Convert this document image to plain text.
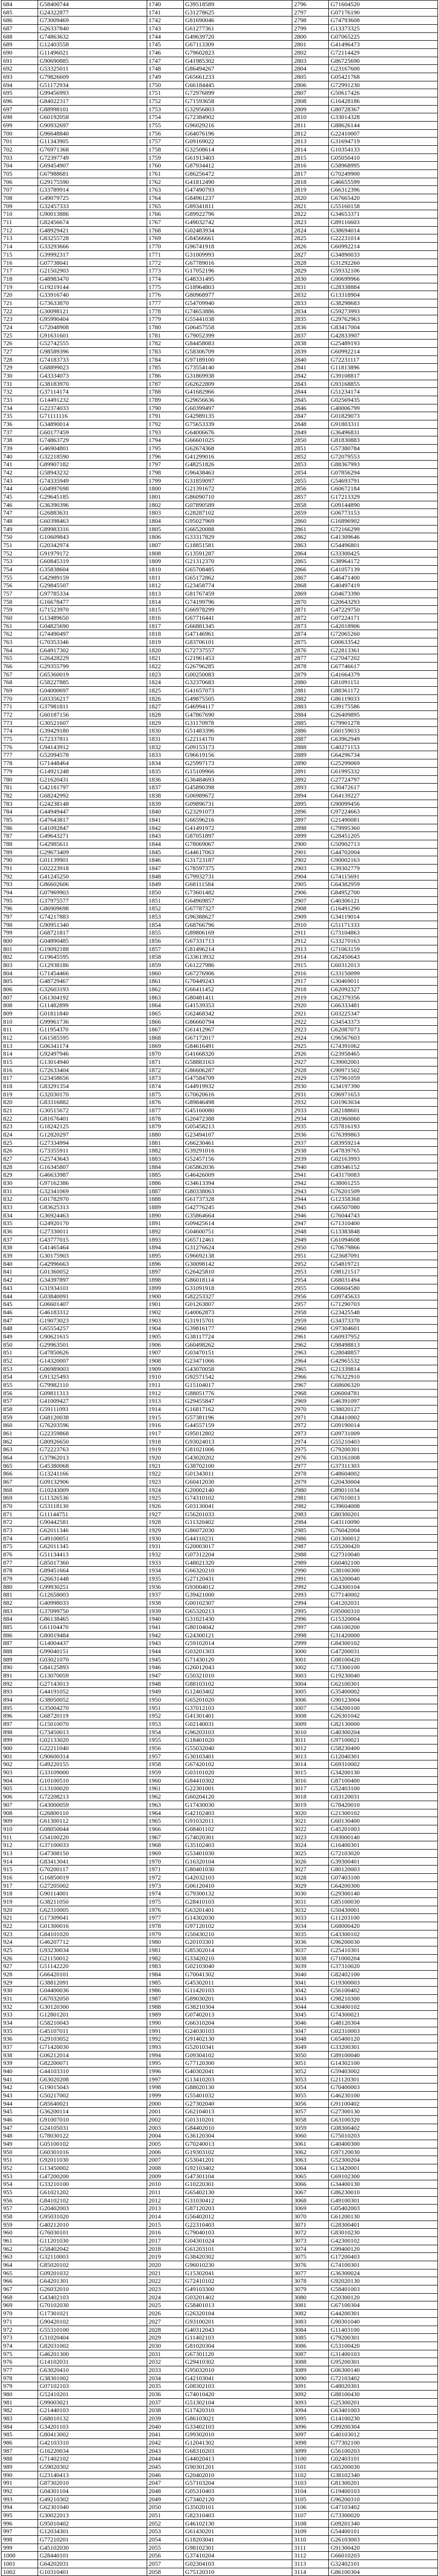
684
685
686
687
688
689
690
691
692
693
694
695
696
697
698
699
700
701
702
703
704
705
706
707
708
709
710
711
712
713
714
715
716
717
718
719
720
721
722
723
724
725
726
727
728
729
730
731
732
733
734
735
736
737
738
739
740
741
742
743
744
745
746
747
748
749
750
751
752
753
754
755
756
757
758
759
760
761
762
763
764
765
766
767
768
769
770
771
772
773
774
775
776
777
778
779
780
781
782
783
784
785
786
787
788
789
790
791
792
793
794
795
796
797
798
799
800
801
802
803
804
805
806
807
808
809
810
811
812
813
814
815
816
817
818
819
820
821
822
823
824
825
826
827
828
829
830
831
832
833
834
835
836
837
838
839
840
841
842
843
844
845
846
847
848
849
850
851
852
853
854
855
856
857
858
859
860
861
862
863
864
865
866
867
868
869
870
871
872
873
874
875
876
877
878
879
880
881
882
883
884
885
886
887
888
889
890
891
892
893
894
895
896
897
898
899
900
901
902
903
904
905
906
907
908
909
910
911
912
913
914
915
916
917
918
919
920
921
922
923
924
925
926
927
928
929
930
931
932
933
934
935
936
937
938
939
940
941
942
943
944
945
946
947
948
949
950
951
952
953
954
955
956
957
958
959
960
961
962
963
964
965
966
967
968
969
970
971
972
973
974
975
976
977
978
979
980
981
982
983
984
985
986
987
988
989
990
991
992
993
994
995
996
997
998
999
1000
1001
1002
G58400744
G24322877
G73009469
G26337840
G74863632
G12403558
G11496021
G90690885
G53325011
G79826609
G51172934
G99456993
G84022317
G88998101
G60192058
G90932697
G96648840
G11343905
G76971368
G72397749
G69454907
G67988681
G29175590
G33789914
G49079725
G32457333
G90013886
G82456674
G48929421
G83255728
G33293666
G39992317
G07738041
G21502903
G48983470
G19219144
G33916740
G73633870
G30098121
G95990404
G72048908
G91631601
G52742555
G98589396
G74183733
G68899023
G43334073
G38183970
G37114174
G14491232
G22374033
G71111116
G34890014
G60177459
G74863729
G46904801
G32218590
G89907182
G58943232
G74335949
G04997698
G29645185
G36390396
G26883631
G60398463
G89983316
G10609843
G20342974
G91979172
G60845319
G35838604
G42989159
G29845507
G97785334
G16678477
G71523970
G13489650
G04825690
G74490497
G70353346
G64917302
G26428229
G29355799
G65360019
G58227885
G04000697
G03356217
G37981811
G60187156
G30521607
G39429180
G72337811
G94143912
G52094578
G71448464
G14921248
G21620431
G42181797
G68242992
G24238148
G44949447
G47643817
G41092847
G49643271
G42985611
G29673409
G01139901
G02223918
G41245250
G86602606
G07969903
G37975577
G86909698
G74217883
G90951340
G68721817
G04890485
G19092188
G19645595
G12938186
G71454466
G48729467
G32603193
G61304192
G11482899
G01811840
G99961736
G11954370
G61585595
G06341174
G92497946
G13014940
G72633404
G23458656
G83291354
G32030170
G83316882
G30515672
G81676401
G18242125
G12820297
G27334994
G73355911
G25743643
G16345807
G46633987
G97162386
G32341069
G01782970
G83625313
G36924463
G24920170
G27330011
G43777015
G41465464
G30175903
G42996663
G01360052
G34397897
G31934101
G03840091
G06601407
G46183312
G19073023
G65554257
G90621615
G29963501
G47850626
G14320007
G06989003
G91325493
G79982110
G09811313
G41009427
G59111093
G68120038
G76203596
G22359868
G80926650
G72223763
G37962013
G45380068
G13241166
G09132906
G10243009
G11326536
G53118130
G11144751
G90442581
G62011346
G49100051
G62011345
G51134413
G85017360
G89451664
G26631448
G99930251
G12658003
G40998033
G37099750
G86138465
G61104470
G80019484
G14004437
G99040151
G03021070
G84125893
G13070059
G27143013
G44191052
G38050052
G35004270
G68720119
G15010070
G73450013
G02133020
G22211040
G90600314
G49220155
G33109000
G10100510
G13100020
G72208213
G43000059
G26800110
G61300112
G08050044
G54100220
G37100033
G47308150
G83413041
G70200117
G16850019
G27205002
G90114001
G38211050
G62310005
G17309041
G01300016
G84101020
G46207712
G93230034
G21150012
G51142220
G66420101
G38812091
G04400036
G67032050
G30120300
G12801201
G58210043
G45107011
G29103052
G71420030
G06212014
G82200071
G44103310
G63020208
G19015043
G50217002
G85640021
G36200114
G91007010
G24105031
G78030122
G05100102
G60301016
G92011030
G13450002
G47200200
G33210100
G61021202
G84102102
G20402003
G95031020
G40212010
G76030101
G11201030
G58402042
G32110003
G85020102
G09201032
G64201301
G26032010
G43402103
G70102030
G17301021
G90420102
G55310100
G31020404
G82031002
G46201300
G14102031
G63020410
G38301002
G07102103
G52410201
G99003021
G21440103
G68010132
G34201103
G80413002
G42103310
G16220034
G71402102
G59020302
G23140413
G87302010
G04301104
G49210302
G62301040
G30022013
G95010402
G12034301
G77210201
G45102030
G28440101
G64202031
G10310401
1740
1741
1742
1743
1744
1745
1746
1747
1748
1749
1750
1751
1752
1753
1754
1755
1756
1757
1758
1759
1760
1761
1762
1763
1764
1765
1766
1767
1768
1769
1770
1771
1772
1773
1774
1775
1776
1777
1778
1779
1780
1781
1782
1783
1784
1785
1786
1787
1788
1789
1790
1791
1792
1793
1794
1795
1796
1797
1798
1799
1800
1801
1802
1803
1804
1805
1806
1807
1808
1809
1810
1811
1812
1813
1814
1815
1816
1817
1818
1819
1820
1821
1822
1823
1824
1825
1826
1827
1828
1829
1830
1831
1832
1833
1834
1835
1836
1837
1838
1839
1840
1841
1842
1843
1844
1845
1846
1847
1848
1849
1850
1851
1852
1853
1854
1855
1856
1857
1858
1859
1860
1861
1862
1863
1864
1865
1866
1867
1868
1869
1870
1871
1872
1873
1874
1875
1876
1877
1878
1879
1880
1881
1882
1883
1884
1885
1886
1887
1888
1889
1890
1891
1892
1893
1894
1895
1896
1897
1898
1899
1900
1901
1902
1903
1904
1905
1906
1907
1908
1909
1910
1911
1912
1913
1914
1915
1916
1917
1918
1919
1920
1921
1922
1923
1924
1925
1926
1927
1928
1929
1930
1931
1932
1933
1934
1935
1936
1937
1938
1939
1940
1941
1942
1943
1944
1945
1946
1947
1948
1949
1950
1951
1952
1953
1954
1955
1956
1957
1958
1959
1960
1961
1962
1963
1964
1965
1966
1967
1968
1969
1970
1971
1972
1973
1974
1975
1976
1977
1978
1979
1980
1981
1982
1983
1984
1985
1986
1987
1988
1989
1990
1991
1992
1993
1994
1995
1996
1997
1998
1999
2000
2001
2002
2003
2004
2005
2006
2007
2008
2009
2010
2011
2012
2013
2014
2015
2016
2017
2018
2019
2020
2021
2022
2023
2024
2025
2026
2027
2028
2029
2030
2031
2032
2033
2034
2035
2036
2037
2038
2039
2040
2041
2042
2043
2044
2045
2046
2047
2048
2049
2050
2051
2052
2053
2054
2055
2056
2057
2058
G39518589
G31278625
G81690046
G61277361
G49639720
G67113309
G79602823
G41985302
G86494267
G65661233
G66184445
G72976899
G71593658
G32956803
G72384902
G96029216
G64076196
G09169022
G32508614
G61913403
G87934412
G86256472
G41812490
G47490793
G84961237
G89341811
G89922796
G49032742
G02483934
G84566661
G96741918
G31009993
G67789016
G17052196
G48331495
G18964803
G80968977
G54709940
G74653886
G55441038
G06457558
G79052399
G84458083
G58306709
G97189100
G73554140
G31869938
G62622809
G41682966
G29656636
G60399497
G42989135
G75653339
G64006676
G66601025
G62674368
G41299016
G48251826
G96438463
G31859097
G21391672
G86090710
G07890589
G28287102
G95027969
G66520088
G33317829
G18851581
G13591287
G21312370
G65708485
G65172862
G23458774
G81767459
G74199796
G66978299
G67716441
G66881345
G47146961
G83706101
G72737557
G21961453
G26796285
G00250083
G32370683
G41657073
G49875505
G46994117
G47867690
G31170978
G51483396
G22114170
G09153173
G96619156
G25997173
G15109966
G36484693
G45890398
G06989672
G09896731
G23291073
G66596216
G41491972
G87051897
G78069067
G44617063
G31723187
G78597375
G79932731
G68111584
G73601482
G64969857
G67787327
G96388627
G68766796
G89806169
G67331713
G81496214
G33613932
G61227986
G67276906
G70449243
G66411452
G80481411
G41539353
G62468342
G86660794
G61412967
G67172017
G84616491
G41668320
G58883163
G86606287
G47584709
G44919932
G70620616
G89846498
G45160080
G20472388
G05458213
G23494107
G66230461
G39291016
G52457156
G65862036
G46426009
G34613394
G80338063
G61737328
G42776245
G35864664
G09425614
G04600751
G65712461
G31276624
G96692138
G30098142
G26425810
G86018114
G31091918
G82253327
G01263807
G40062873
G31915701
G39816177
G38117724
G60498262
G03470151
G23471066
G43070058
G92571542
G15104017
G88051776
G29455847
G16817162
G57381196
G44557159
G95012802
G93024013
G81021006
G43020202
G38702100
G01343011
G60412030
G20002140
G74310102
G03130041
G56201033
G11320402
G86072030
G44110231
G20003017
G07312204
G48021320
G66320210
G27120431
G93004012
G39421000
G00102307
G65320213
G31021430
G80104042
G24300121
G59102014
G03201303
G71430120
G26012043
G50321010
G88103102
G12403402
G65201020
G37012103
G41301401
G02140031
G96203103
G18401020
G55032040
G30103401
G67420102
G03101020
G84410302
G22301001
G60204120
G17430030
G42102403
G91032011
G08401102
G74020301
G35102403
G53401030
G16320104
G80401030
G42032103
G06120410
G79300132
G28410103
G63201401
G14302030
G97120102
G50430210
G20103301
G85302014
G33420210
G02103040
G70041302
G45302011
G11420103
G89030201
G38210304
G07402013
G66310204
G24030103
G91402130
G52010341
G09304102
G77120300
G40302041
G13410203
G88020130
G55401032
G27302040
G62104013
G01310201
G84402010
G36120304
G70240013
G19303102
G53041201
G92103402
G47301104
G10220301
G65402130
G31030412
G87120203
G56402012
G22310403
G79040103
G04301024
G61203101
G38420302
G96010230
G15302041
G72410102
G49103300
G03201402
G58401013
G26320104
G93100201
G40312043
G11402103
G81020304
G67301120
G29410302
G95032010
G42103041
G08302103
G74010420
G51302104
G17420310
G86103021
G33402103
G99302010
G12041302
G68310203
G44020413
G90301201
G20402010
G57103204
G05310403
G73402120
G35020101
G82310403
G46102130
G61430201
G18203041
G98102301
G37410204
G02304103
G75120310
2796
2797
2798
2799
2800
2801
2802
2803
2804
2805
2806
2807
2808
2809
2810
2811
2812
2813
2814
2815
2816
2817
2818
2819
2820
2821
2822
2823
2824
2825
2826
2827
2828
2829
2830
2831
2832
2833
2834
2835
2836
2837
2838
2839
2840
2841
2842
2843
2844
2845
2846
2847
2848
2849
2850
2851
2852
2853
2854
2855
2856
2857
2858
2859
2860
2861
2862
2863
2864
2865
2866
2867
2868
2869
2870
2871
2872
2873
2874
2875
2876
2877
2878
2879
2880
2881
2882
2883
2884
2885
2886
2887
2888
2889
2890
2891
2892
2893
2894
2895
2896
2897
2898
2899
2900
2901
2902
2903
2904
2905
2906
2907
2908
2909
2910
2911
2912
2913
2914
2915
2916
2917
2918
2919
2920
2921
2922
2923
2924
2925
2926
2927
2928
2929
2930
2931
2932
2933
2934
2935
2936
2937
2938
2939
2940
2941
2942
2943
2944
2945
2946
2947
2948
2949
2950
2951
2952
2953
2954
2955
2956
2957
2958
2959
2960
2961
2962
2963
2964
2965
2966
2967
2968
2969
2970
2971
2972
2973
2974
2975
2976
2977
2978
2979
2980
2981
2982
2983
2984
2985
2986
2987
2988
2989
2990
2991
2992
2993
2994
2995
2996
2997
2998
2999
3000
3001
3002
3003
3004
3005
3006
3007
3008
3009
3010
3011
3012
3013
3014
3015
3016
3017
3018
3019
3020
3021
3022
3023
3024
3025
3026
3027
3028
3029
3030
3031
3032
3033
3034
3035
3036
3037
3038
3039
3040
3041
3042
3043
3044
3045
3046
3047
3048
3049
3050
3051
3052
3053
3054
3055
3056
3057
3058
3059
3060
3061
3062
3063
3064
3065
3066
3067
3068
3069
3070
3071
3072
3073
3074
3075
3076
3077
3078
3079
3080
3081
3082
3083
3084
3085
3086
3087
3088
3089
3090
3091
3092
3093
3094
3095
3096
3097
3098
3099
3100
3101
3102
3103
3104
3105
3106
3107
3108
3109
3110
3111
3112
3113
3114
G71604520
G07176190
G74793608
G13373325
G07065225
G41496473
G72114429
G86725690
G23167600
G05421768
G72991230
G50617426
G16428186
G80728367
G33014328
G88626144
G22410007
G31694719
G10354133
G05050410
G58968995
G70249900
G46655599
G66312396
G67665420
G55160158
G34653371
G89116603
G38694014
G22231014
G60992214
G34890033
G31292260
G59332106
G90699966
G28338884
G13318904
G38298683
G59273993
G29762963
G83417004
G42833907
G25489193
G60992214
G72231117
G11813896
G39108817
G93168855
G51234174
G02569435
G40006799
G01829073
G91803311
G36496831
G81830883
G57380784
G72079553
G88367993
G07856294
G54693791
G60672184
G17213329
G09144890
G06773153
G16896902
G72166299
G41309646
G54496801
G33300425
G38964172
G41057139
G46471400
G40497419
G04673390
G20643293
G47229750
G07224171
G42018906
G72065260
G00633542
G22813361
G27047202
G67746617
G41664379
G81091151
G88361172
G86119033
G39175586
G26409895
G79901278
G60159033
G63962949
G40271153
G64296734
G25299069
G61995332
G27724797
G30472617
G64139227
G90099456
G97224663
G21490081
G79995360
G28451205
G50902713
G44702004
G90002163
G39302779
G74115691
G64382959
G84952700
G40306121
G16491290
G34119014
G51171333
G73104863
G33270163
G71063159
G62450643
G60312013
G33150099
G30469011
G62092327
G62379356
G66333481
G03225347
G34543373
G62087073
G96567603
G74391062
G23958465
G39002001
G90971502
G57961059
G34197390
G96971653
G01963034
G82188601
G81960060
G57816193
G76399863
G83959214
G47839765
G02163993
G89346152
G43170083
G38001255
G76201509
G12358368
G66507080
G76044743
G71310400
G13383848
G61094608
G70679866
G23687091
G54819721
G98121517
G68031494
G06604580
G09745633
G71290703
G23425548
G34373370
G97304601
G60937952
G98498813
G28048857
G42965532
G21339814
G76322910
G68606320
G06004781
G46391097
G38020127
G84410002
G09190014
G09731009
G55210403
G79200301
G03161008
G37311303
G48604002
G20430004
G89011034
G67010013
G39604008
G80300201
G43110090
G76042004
G01300012
G55200420
G27310040
G60402100
G38100300
G63200040
G24300104
G77140002
G41202031
G95000310
G15320004
G66100200
G31420000
G84300102
G47200031
G08100420
G73300100
G19230040
G62100301
G35400002
G90123004
G54200100
G26301042
G82130000
G40300204
G97100021
G58230400
G12040301
G69310002
G34200130
G87100400
G52403100
G03120031
G78420010
G21300102
G60130400
G45201003
G93000140
G16400301
G72103020
G39300401
G80120003
G07403100
G64200300
G29300140
G85100030
G50430001
G11203100
G68000420
G43300102
G96200030
G25410301
G71000204
G37310020
G82402100
G19300003
G56100402
G98210300
G30400102
G74300021
G48120304
G02310003
G65400120
G33200301
G89100040
G14302100
G59403002
G21120301
G70400003
G46230100
G91100402
G27300130
G63100320
G08300402
G75010203
G40400300
G97120030
G52300204
G13420001
G69102300
G34400130
G86230010
G49100301
G05402003
G61200130
G28300401
G83010230
G42300102
G99400120
G17200403
G74100301
G36300024
G92020130
G58401003
G20300120
G67100304
G44200301
G90301040
G11403100
G79200301
G53100420
G31400103
G95200301
G06300140
G72103402
G48020301
G88100430
G25300201
G63401003
G14100230
G99200304
G40103012
G77302100
G56100203
G02403101
G65200030
G38102340
G81300201
G19400103
G96200310
G47103402
G73300020
G09201340
G54400101
G26103003
G91300420
G66010203
G32402101
G86100304
